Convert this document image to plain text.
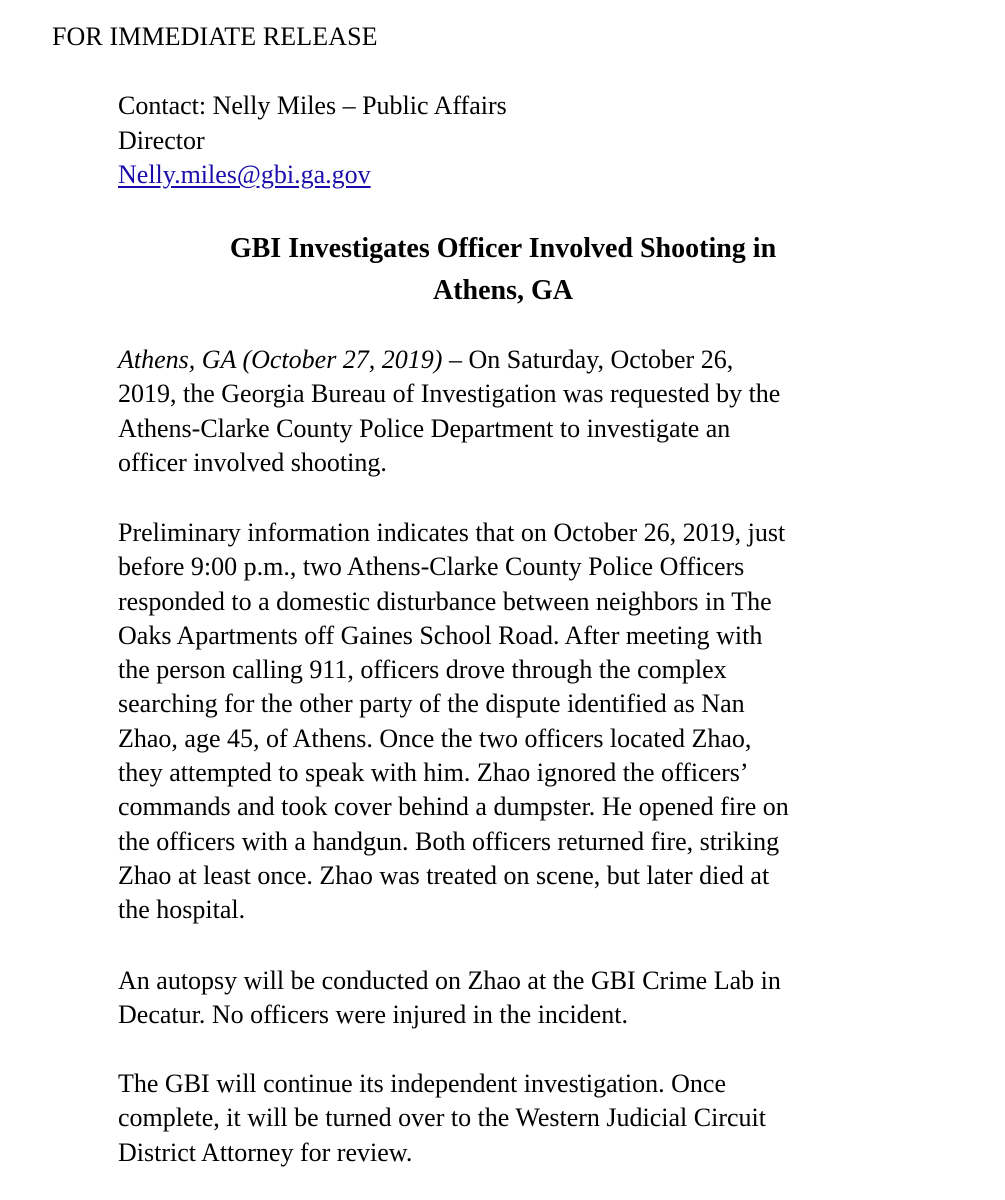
FOR IMMEDIATE RELEASE
Contact: Nelly Miles – Public Affairs
Director
Nelly.miles@gbi.ga.gov
GBI Investigates Officer Involved Shooting in
Athens, GA
Athens, GA (October 27, 2019) – On Saturday, October 26,
2019, the Georgia Bureau of Investigation was requested by the
Athens-Clarke County Police Department to investigate an
officer involved shooting.
Preliminary information indicates that on October 26, 2019, just
before 9:00 p.m., two Athens-Clarke County Police Officers
responded to a domestic disturbance between neighbors in The
Oaks Apartments off Gaines School Road. After meeting with
the person calling 911, officers drove through the complex
searching for the other party of the dispute identified as Nan
Zhao, age 45, of Athens. Once the two officers located Zhao,
they attempted to speak with him. Zhao ignored the officers’
commands and took cover behind a dumpster. He opened fire on
the officers with a handgun. Both officers returned fire, striking
Zhao at least once. Zhao was treated on scene, but later died at
the hospital.
An autopsy will be conducted on Zhao at the GBI Crime Lab in
Decatur. No officers were injured in the incident.
The GBI will continue its independent investigation. Once
complete, it will be turned over to the Western Judicial Circuit
District Attorney for review.
